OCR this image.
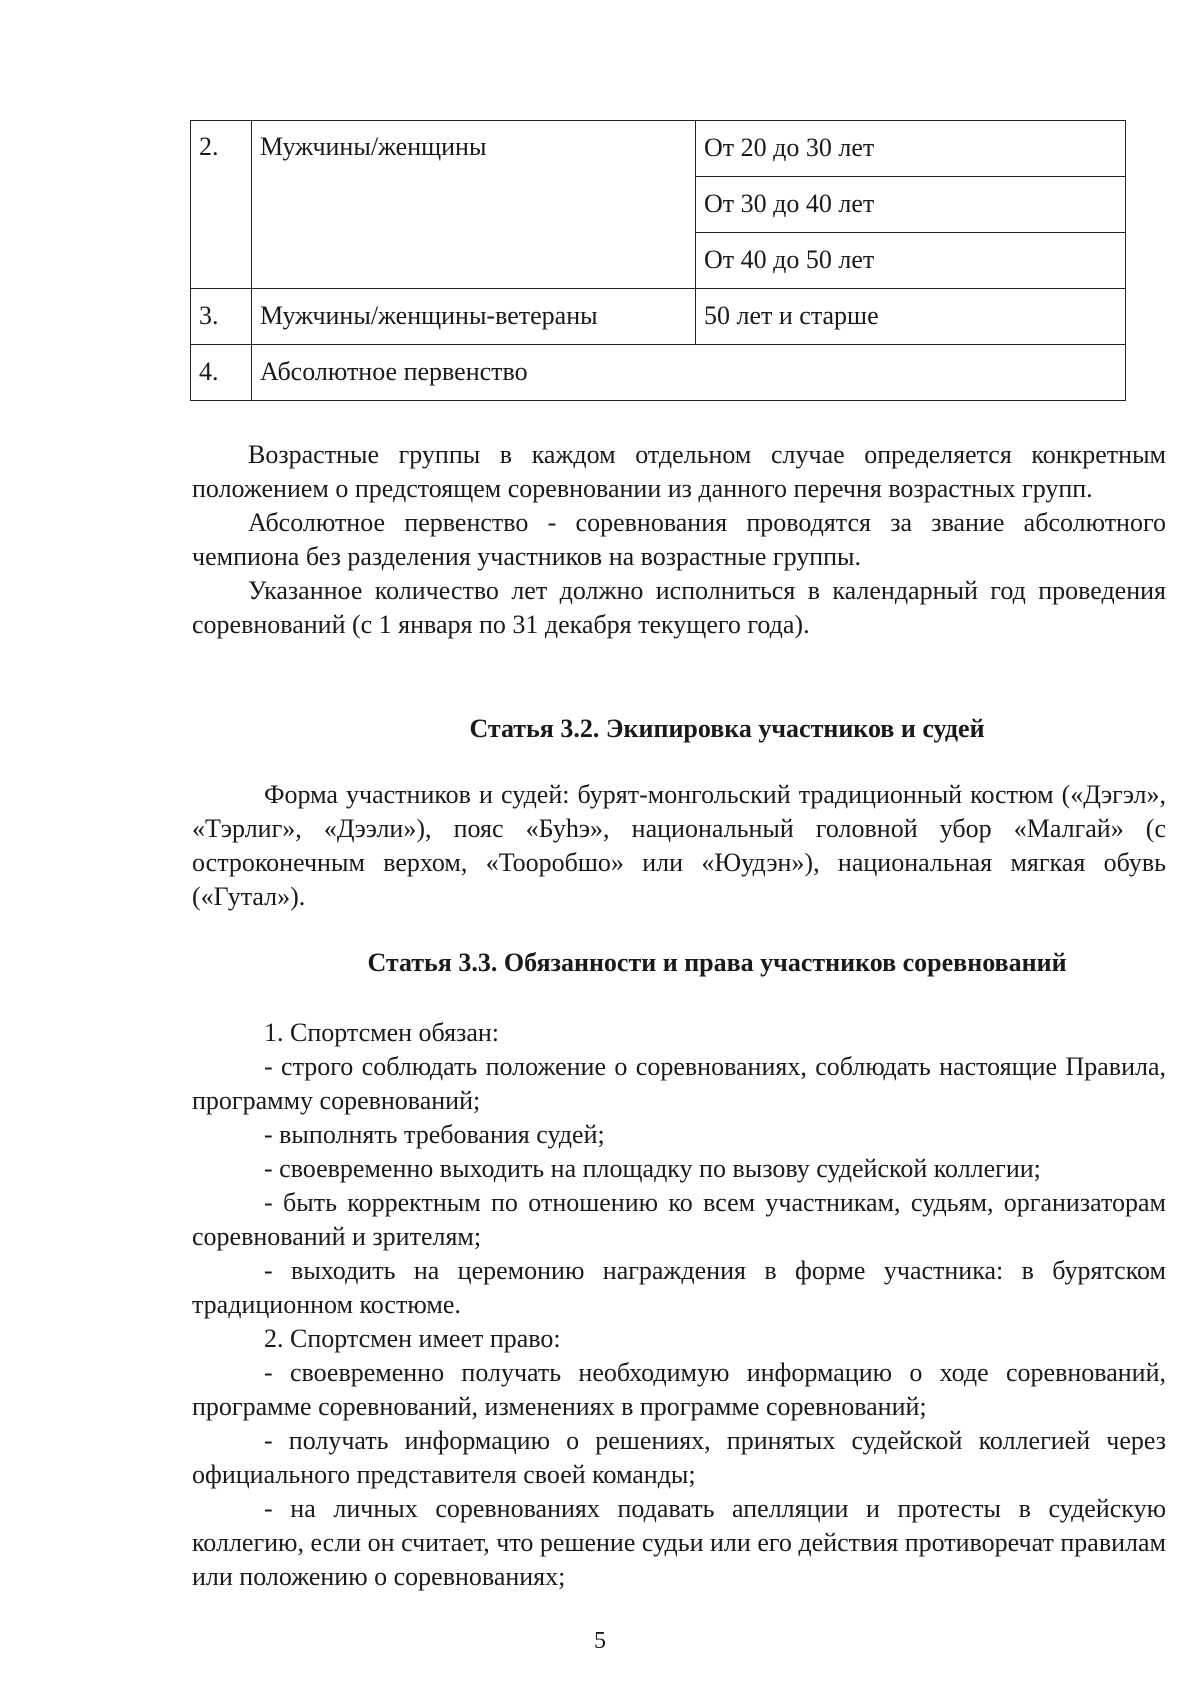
2.	Мужчины/женщины	От 20 до 30 лет
		От 30 до 40 лет
		От 40 до 50 лет
3.	Мужчины/женщины-ветераны	50 лет и старше
4.	Абсолютное первенство	

Возрастные группы в каждом отдельном случае определяется конкретным положением о предстоящем соревновании из данного перечня возрастных групп.

Абсолютное первенство - соревнования проводятся за звание абсолютного чемпиона без разделения участников на возрастные группы.

Указанное количество лет должно исполниться в календарный год проведения соревнований (с 1 января по 31 декабря текущего года).

Статья 3.2. Экипировка участников и судей

Форма участников и судей: бурят-монгольский традиционный костюм («Дэгэл», «Тэрлиг», «Дээли»), пояс «Буhэ», национальный головной убор «Малгай» (с остроконечным верхом, «Тооробшо» или «Юудэн»), национальная мягкая обувь («Гутал»).

Статья 3.3. Обязанности и права участников соревнований

1. Спортсмен обязан:

- строго соблюдать положение о соревнованиях, соблюдать настоящие Правила, программу соревнований;

- выполнять требования судей;

- своевременно выходить на площадку по вызову судейской коллегии;

- быть корректным по отношению ко всем участникам, судьям, организаторам соревнований и зрителям;

- выходить на церемонию награждения в форме участника: в бурятском традиционном костюме.

2. Спортсмен имеет право:

- своевременно получать необходимую информацию о ходе соревнований, программе соревнований, изменениях в программе соревнований;

- получать информацию о решениях, принятых судейской коллегией через официального представителя своей команды;

- на личных соревнованиях подавать апелляции и протесты в судейскую коллегию, если он считает, что решение судьи или его действия противоречат правилам или положению о соревнованиях;

5
